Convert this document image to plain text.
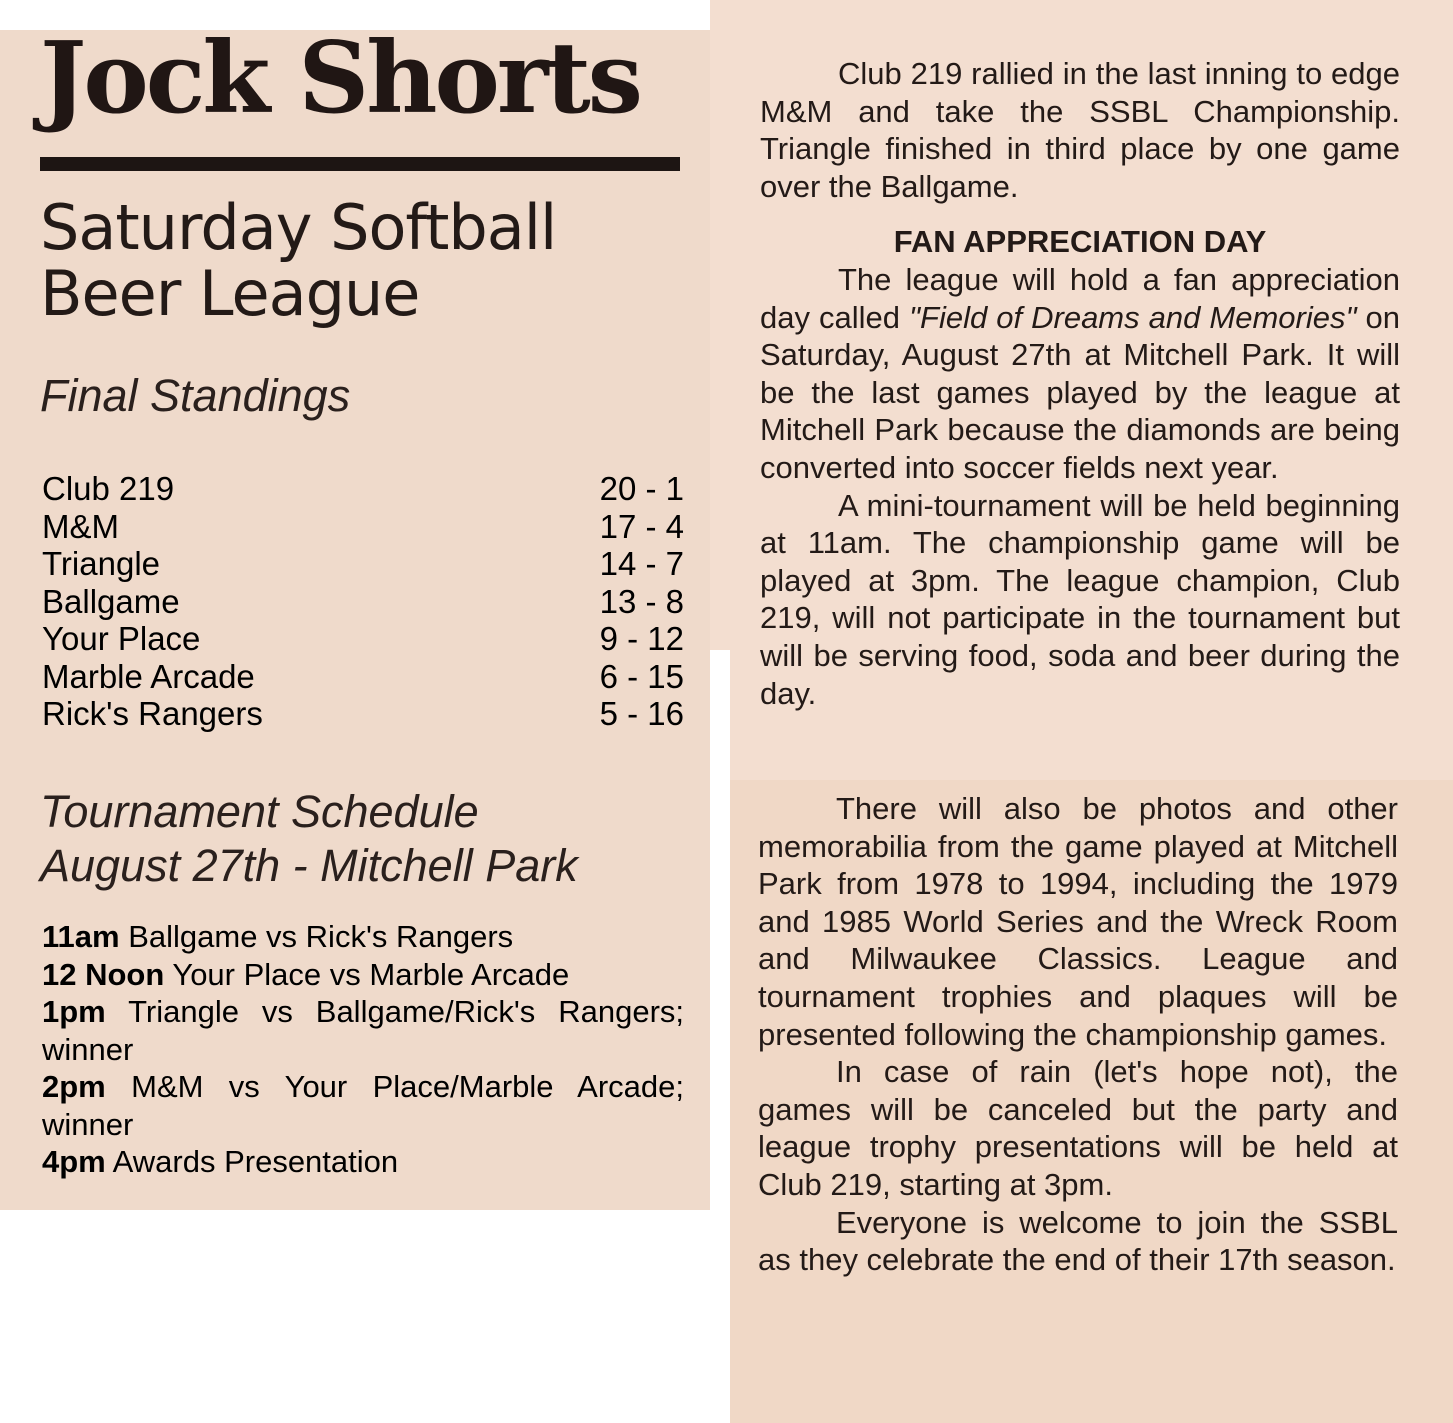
Jock Shorts
Saturday Softball Beer League
Final Standings
Club 219	20 - 1
M&M	17 - 4
Triangle	14 - 7
Ballgame	13 - 8
Your Place	9 - 12
Marble Arcade	6 - 15
Rick's Rangers	5 - 16
Tournament Schedule
August 27th - Mitchell Park

11am Ballgame vs Rick's Rangers

12 Noon Your Place vs Marble Arcade

1pm Triangle vs Ballgame/Rick's Rangers; winner

2pm M&M vs Your Place/Marble Arcade; winner

4pm Awards Presentation

Club 219 rallied in the last inning to edge M&M and take the SSBL Championship. Triangle finished in third place by one game over the Ballgame.

FAN APPRECIATION DAY

The league will hold a fan appreciation day called "Field of Dreams and Memories" on Saturday, August 27th at Mitchell Park. It will be the last games played by the league at Mitchell Park because the diamonds are being converted into soccer fields next year.

A mini-tournament will be held beginning at 11am. The championship game will be played at 3pm. The league champion, Club 219, will not participate in the tournament but will be serving food, soda and beer during the day.

There will also be photos and other memorabilia from the game played at Mitchell Park from 1978 to 1994, including the 1979 and 1985 World Series and the Wreck Room and Milwaukee Classics. League and tournament trophies and plaques will be presented following the championship games.

In case of rain (let's hope not), the games will be canceled but the party and league trophy presentations will be held at Club 219, starting at 3pm.

Everyone is welcome to join the SSBL as they celebrate the end of their 17th season.
